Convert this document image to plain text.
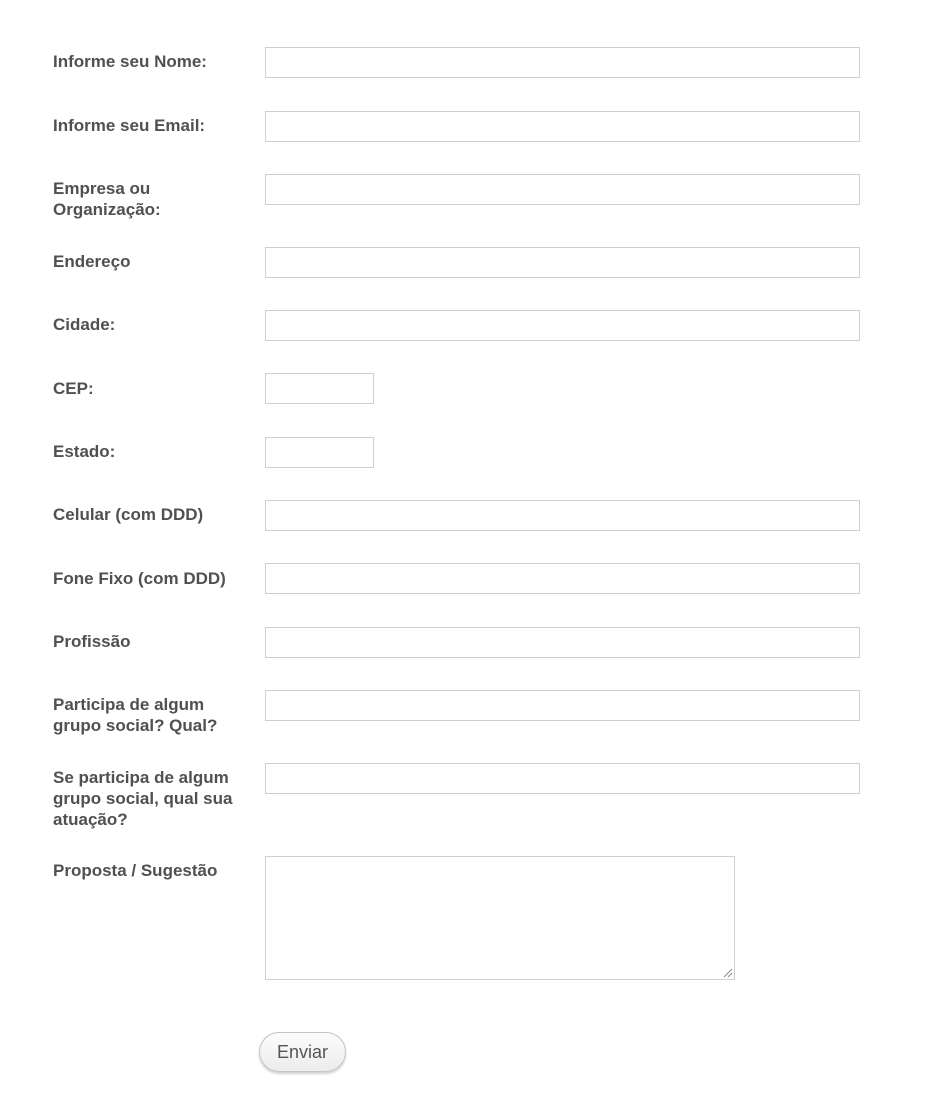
Informe seu Nome:
Informe seu Email:
Empresa ou Organização:
Endereço
Cidade:
CEP:
Estado:
Celular (com DDD)
Fone Fixo (com DDD)
Profissão
Participa de algum grupo social? Qual?
Se participa de algum grupo social, qual sua atuação?
Proposta / Sugestão
Enviar
